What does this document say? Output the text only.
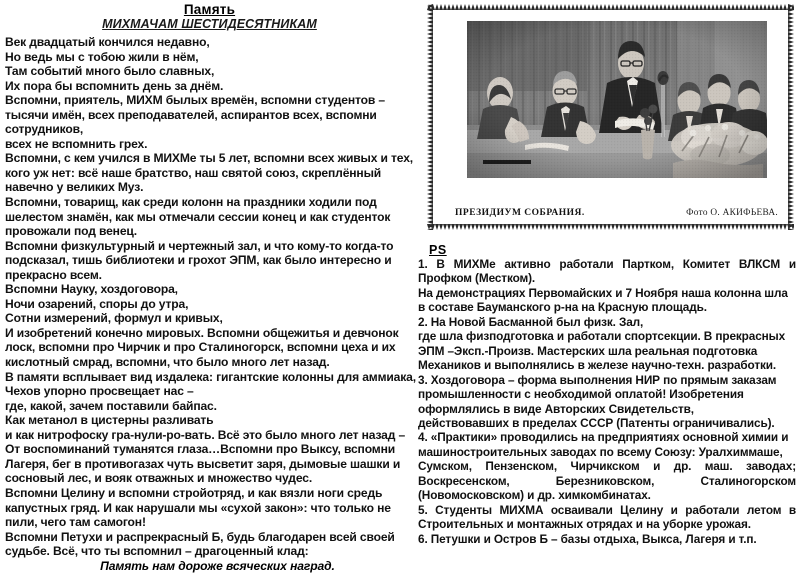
Память
МИХМАЧАМ ШЕСТИДЕСЯТНИКАМ
Век двадцатый кончился недавно,
Но ведь мы с тобою жили в нём,
Там событий много было славных,
Их пора бы вспомнить день за днём.
Вспомни, приятель, МИХМ былых времён, вспомни студентов –
тысячи имён, всех преподавателей, аспирантов всех, вспомни
сотрудников,
всех не вспомнить грех.
Вспомни, с кем учился в МИХМе ты 5 лет, вспомни всех живых и тех,
кого уж нет: всё наше братство, наш святой союз, скреплённый
навечно у великих Муз.
Вспомни, товарищ, как среди колонн на праздники ходили под
шелестом знамён, как мы отмечали сессии конец и как студенток
провожали под венец.
Вспомни физкультурный и чертежный зал, и что кому-то когда-то
подсказал, тишь библиотеки и грохот ЭПМ, как было интересно и
прекрасно всем.
Вспомни Науку, хоздоговора,
Ночи озарений, споры до утра,
Сотни измерений, формул и кривых,
И изобретений конечно мировых. Вспомни общежитья и девчонок
лоск, вспомни про Чирчик и про Сталиногорск, вспомни цеха и их
кислотный смрад, вспомни, что было много лет назад.
В памяти всплывает вид издалека: гигантские колонны для аммиака,
Чехов упорно просвещает нас –
где, какой, зачем поставили байпас.
Как метанол в цистерны разливать
и как нитрофоску гра-нули-ро-вать. Всё это было много лет назад –
От воспоминаний туманятся глаза…Вспомни про Выксу, вспомни
Лагеря, бег в противогазах чуть высветит заря, дымовые шашки и
сосновый лес, и вояк отважных и множество чудес.
Вспомни Целину и вспомни стройотряд, и как вязли ноги средь
капустных гряд. И как нарушали мы «сухой закон»: что только не
пили, чего там самогон!
Вспомни Петухи и распрекрасный Б, будь благодарен всей своей
судьбе. Всё, что ты вспомнил – драгоценный клад:
Память нам дороже всяческих наград.
ПРЕЗИДИУМ СОБРАНИЯ.	Фото О. АКИФЬЕВА.
PS
1. В МИХМе активно работали Партком, Комитет ВЛКСМ и
Профком (Местком).
На демонстрациях Первомайских и 7 Ноября наша колонна шла
в составе Бауманского р-на на Красную площадь.
2. На Новой Басманной был физк. Зал,
где шла физподготовка и работали спортсекции. В прекрасных
ЭПМ –Эксп.-Произв. Мастерских шла реальная подготовка
Механиков и выполнялись в железе научно-техн. разработки.
3. Хоздоговора – форма выполнения НИР по прямым заказам
промышленности с необходимой оплатой! Изобретения
оформлялись в виде Авторских Свидетельств,
действовавших в пределах СССР (Патенты ограничивались).
4. «Практики» проводились на предприятиях основной химии и
машиностроительных заводах по всему Союзу: Уралхиммаше,
Сумском, Пензенском, Чирчикском и др. маш. заводах;
Воскресенском, Березниковском, Сталиногорском
(Новомосковском) и др. химкомбинатах.
5. Студенты МИХМА осваивали Целину и работали летом в
Строительных и монтажных отрядах и на уборке урожая.
6. Петушки и Остров Б – базы отдыха, Выкса, Лагеря и т.п.
